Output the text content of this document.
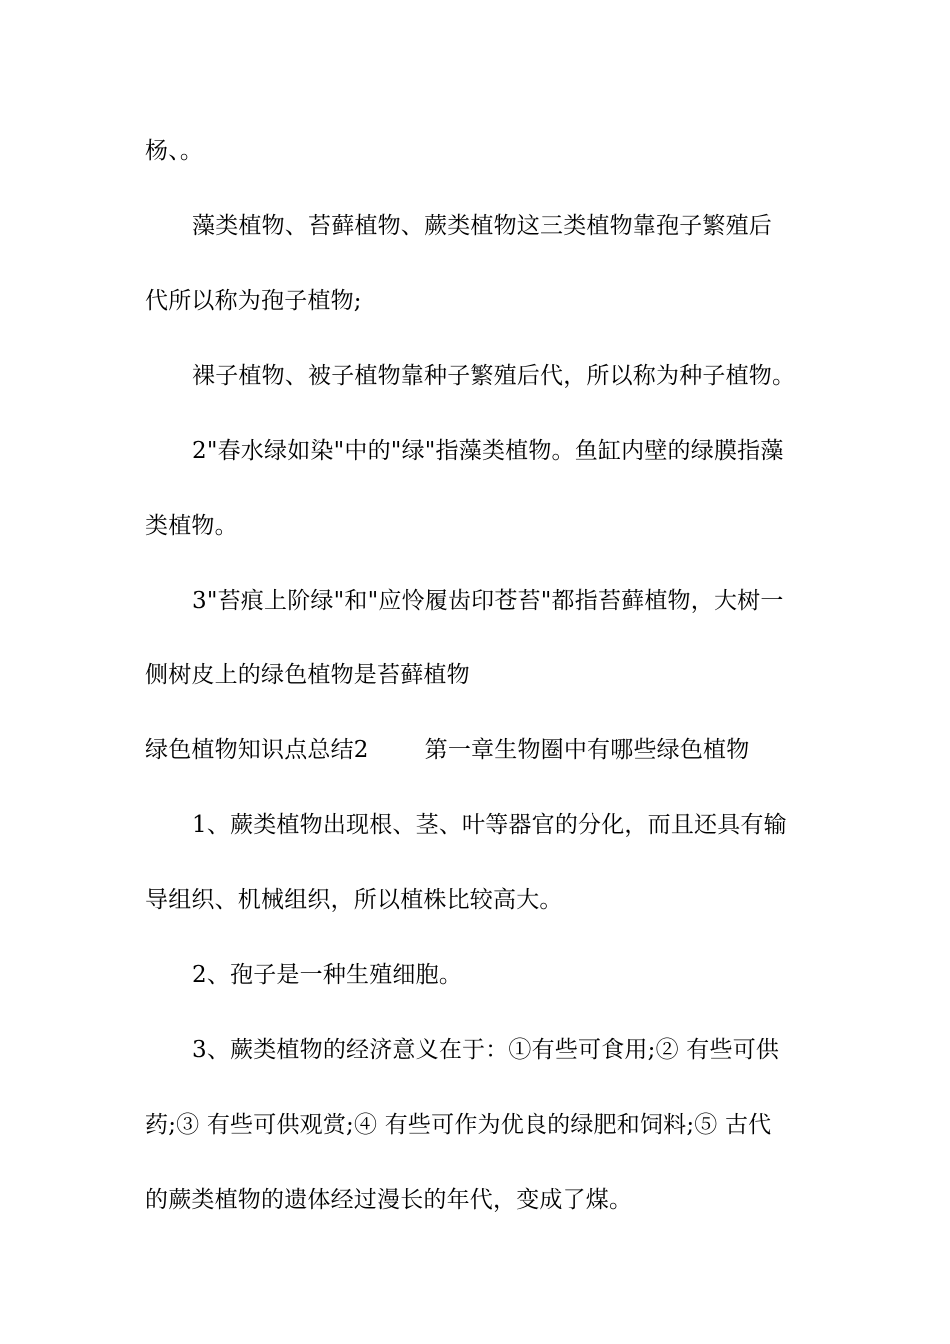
杨、。
藻类植物、苔藓植物、蕨类植物这三类植物靠孢子繁殖后
代所以称为孢子植物;
裸子植物、被子植物靠种子繁殖后代，所以称为种子植物。
2"春水绿如染"中的"绿"指藻类植物。鱼缸内壁的绿膜指藻
类植物。
3"苔痕上阶绿"和"应怜履齿印苍苔"都指苔藓植物，大树一
侧树皮上的绿色植物是苔藓植物
绿色植物知识点总结2 第一章生物圈中有哪些绿色植物
1、蕨类植物出现根、茎、叶等器官的分化，而且还具有输
导组织、机械组织，所以植株比较高大。
2、孢子是一种生殖细胞。
3、蕨类植物的经济意义在于：①有些可食用;② 有些可供
药;③ 有些可供观赏;④ 有些可作为优良的绿肥和饲料;⑤ 古代
的蕨类植物的遗体经过漫长的年代，变成了煤。
